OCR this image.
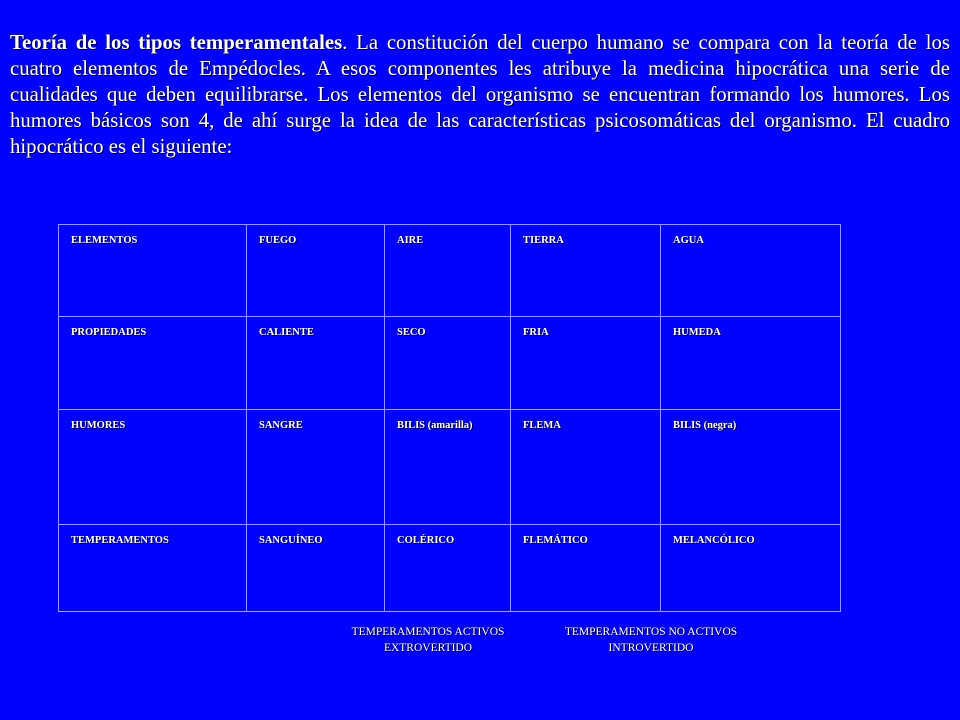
Teoría de los tipos temperamentales. La constitución del cuerpo humano se compara con la teoría de los cuatro elementos de Empédocles. A esos componentes les atribuye la medicina hipocrática una serie de cualidades que deben equilibrarse. Los elementos del organismo se encuentran formando los humores. Los humores básicos son 4, de ahí surge la idea de las características psicosomáticas del organismo. El cuadro hipocrático es el siguiente:

ELEMENTOS	FUEGO	AIRE	TIERRA	AGUA
PROPIEDADES	CALIENTE	SECO	FRIA	HUMEDA
HUMORES	SANGRE	BILIS (amarilla)	FLEMA	BILIS (negra)
TEMPERAMENTOS	SANGUÍNEO	COLÉRICO	FLEMÁTICO	MELANCÓLICO
TEMPERAMENTOS ACTIVOS
EXTROVERTIDO
TEMPERAMENTOS NO ACTIVOS
INTROVERTIDO
